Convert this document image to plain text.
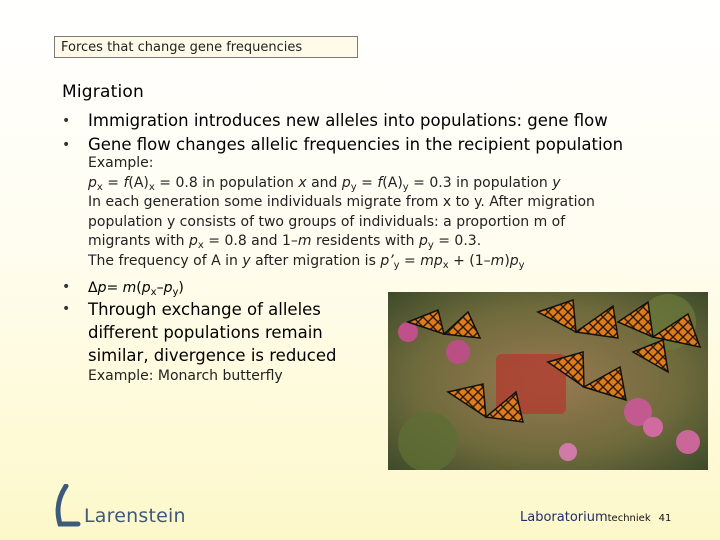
Forces that change gene frequencies
Migration
• Immigration introduces new alleles into populations: gene flow
• Gene flow changes allelic frequencies in the recipient population
Example:
$p_x = f(A)_x = 0.8$ in population x and $p_y = f(A)_y = 0.3$ in population y
In each generation some individuals migrate from x to y. After migration
population y consists of two groups of individuals: a proportion m of
migrants with $p_x = 0.8$ and 1–m residents with $p_y = 0.3$.
The frequency of A in y after migration is $p’_y = mp_x + (1-m)p_y$
• $\Delta p= m(p_x-p_y)$
• Through exchange of alleles different populations remain similar, divergence is reduced
Example: Monarch butterfly
Larenstein	Laboratoriumtechniek 41
